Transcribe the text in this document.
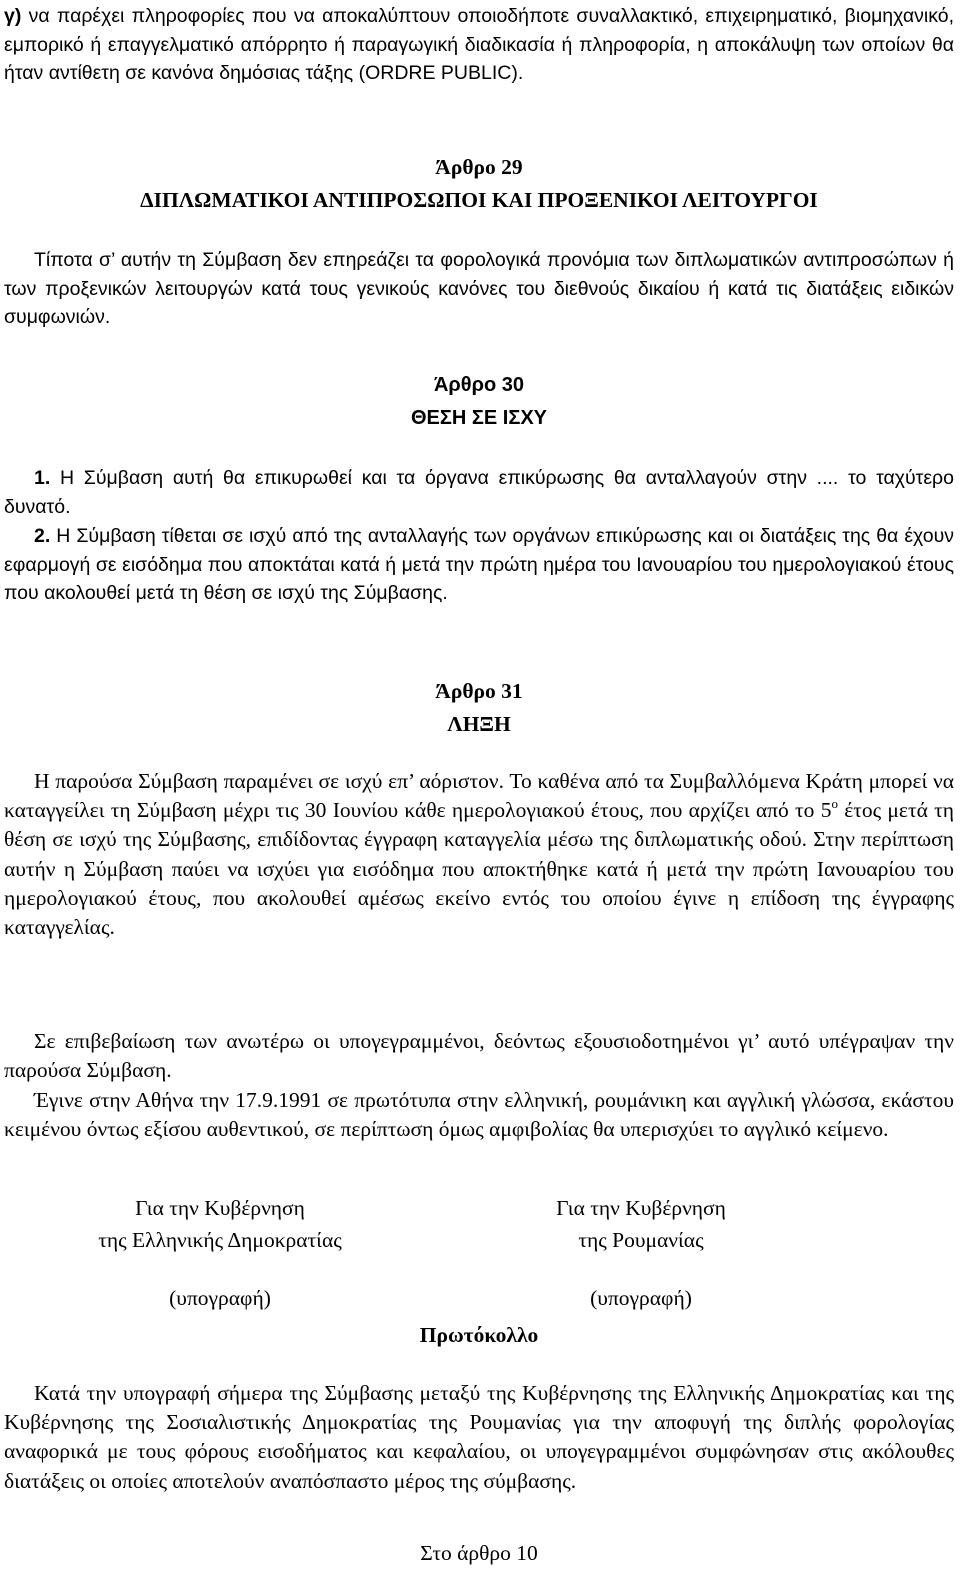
γ) να παρέχει πληροφορίες που να αποκαλύπτουν οποιοδήποτε συναλλακτικό, επιχειρηματικό, βιομηχανικό, εμπορικό ή επαγγελματικό απόρρητο ή παραγωγική διαδικασία ή πληροφορία, η αποκάλυψη των οποίων θα ήταν αντίθετη σε κανόνα δημόσιας τάξης (ORDRE PUBLIC).
Άρθρο 29
ΔΙΠΛΩΜΑΤΙΚΟΙ ΑΝΤΙΠΡΟΣΩΠΟΙ ΚΑΙ ΠΡΟΞΕΝΙΚΟΙ ΛΕΙΤΟΥΡΓΟΙ
Τίποτα σ’ αυτήν τη Σύμβαση δεν επηρεάζει τα φορολογικά προνόμια των διπλωματικών αντιπροσώπων ή των προξενικών λειτουργών κατά τους γενικούς κανόνες του διεθνούς δικαίου ή κατά τις διατάξεις ειδικών συμφωνιών.
Άρθρο 30
ΘΕΣΗ ΣΕ ΙΣΧΥ
1. Η Σύμβαση αυτή θα επικυρωθεί και τα όργανα επικύρωσης θα ανταλλαγούν στην .... το ταχύτερο δυνατό.
2. Η Σύμβαση τίθεται σε ισχύ από της ανταλλαγής των οργάνων επικύρωσης και οι διατάξεις της θα έχουν εφαρμογή σε εισόδημα που αποκτάται κατά ή μετά την πρώτη ημέρα του Ιανουαρίου του ημερολογιακού έτους που ακολουθεί μετά τη θέση σε ισχύ της Σύμβασης.
Άρθρο 31
ΛΗΞΗ
Η παρούσα Σύμβαση παραμένει σε ισχύ επ’ αόριστον. Το καθένα από τα Συμβαλλόμενα Κράτη μπορεί να καταγγείλει τη Σύμβαση μέχρι τις 30 Ιουνίου κάθε ημερολογιακού έτους, που αρχίζει από το $5^o$ έτος μετά τη θέση σε ισχύ της Σύμβασης, επιδίδοντας έγγραφη καταγγελία μέσω της διπλωματικής οδού. Στην περίπτωση αυτήν η Σύμβαση παύει να ισχύει για εισόδημα που αποκτήθηκε κατά ή μετά την πρώτη Ιανουαρίου του ημερολογιακού έτους, που ακολουθεί αμέσως εκείνο εντός του οποίου έγινε η επίδοση της έγγραφης καταγγελίας.
Σε επιβεβαίωση των ανωτέρω οι υπογεγραμμένοι, δεόντως εξουσιοδοτημένοι γι’ αυτό υπέγραψαν την παρούσα Σύμβαση.
Έγινε στην Αθήνα την 17.9.1991 σε πρωτότυπα στην ελληνική, ρουμάνικη και αγγλική γλώσσα, εκάστου κειμένου όντως εξίσου αυθεντικού, σε περίπτωση όμως αμφιβολίας θα υπερισχύει το αγγλικό κείμενο.
Για την Κυβέρνηση
της Ελληνικής Δημοκρατίας
(υπογραφή)
Για την Κυβέρνηση
της Ρουμανίας
(υπογραφή)
Πρωτόκολλο
Κατά την υπογραφή σήμερα της Σύμβασης μεταξύ της Κυβέρνησης της Ελληνικής Δημοκρατίας και της Κυβέρνησης της Σοσιαλιστικής Δημοκρατίας της Ρουμανίας για την αποφυγή της διπλής φορολογίας αναφορικά με τους φόρους εισοδήματος και κεφαλαίου, οι υπογεγραμμένοι συμφώνησαν στις ακόλουθες διατάξεις οι οποίες αποτελούν αναπόσπαστο μέρος της σύμβασης.
Στο άρθρο 10
